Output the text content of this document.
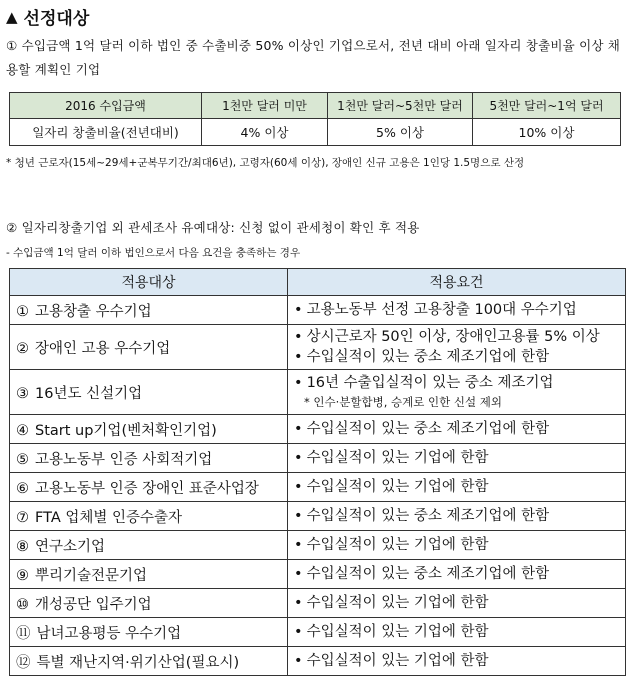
▲ 선정대상
① 수입금액 1억 달러 이하 법인 중 수출비중 50% 이상인 기업으로서, 전년 대비 아래 일자리 창출비율 이상 채용할 계획인 기업
2016 수입금액	1천만 달러 미만	1천만 달러~5천만 달러	5천만 달러~1억 달러
일자리 창출비율(전년대비)	4% 이상	5% 이상	10% 이상
* 청년 근로자(15세~29세+군복무기간/최대6년), 고령자(60세 이상), 장애인 신규 고용은 1인당 1.5명으로 산정
② 일자리창출기업 외 관세조사 유예대상: 신청 없이 관세청이 확인 후 적용
- 수입금액 1억 달러 이하 법인으로서 다음 요건을 충족하는 경우
적용대상	적용요건
① 고용창출 우수기업	• 고용노동부 선정 고용창출 100대 우수기업

② 장애인 고용 우수기업	• 상시근로자 50인 이상, 장애인고용률 5% 이상
• 수입실적이 있는 중소 제조기업에 한함

③ 16년도 신설기업	• 16년 수출입실적이 있는 중소 제조기업
* 인수·분할합병, 승계로 인한 신설 제외

④ Start up기업(벤처확인기업)	• 수입실적이 있는 중소 제조기업에 한함

⑤ 고용노동부 인증 사회적기업	• 수입실적이 있는 기업에 한함

⑥ 고용노동부 인증 장애인 표준사업장	• 수입실적이 있는 기업에 한함

⑦ FTA 업체별 인증수출자	• 수입실적이 있는 중소 제조기업에 한함

⑧ 연구소기업	• 수입실적이 있는 기업에 한함

⑨ 뿌리기술전문기업	• 수입실적이 있는 중소 제조기업에 한함

⑩ 개성공단 입주기업	• 수입실적이 있는 기업에 한함

⑪ 남녀고용평등 우수기업	• 수입실적이 있는 기업에 한함

⑫ 특별 재난지역·위기산업(필요시)	• 수입실적이 있는 기업에 한함
